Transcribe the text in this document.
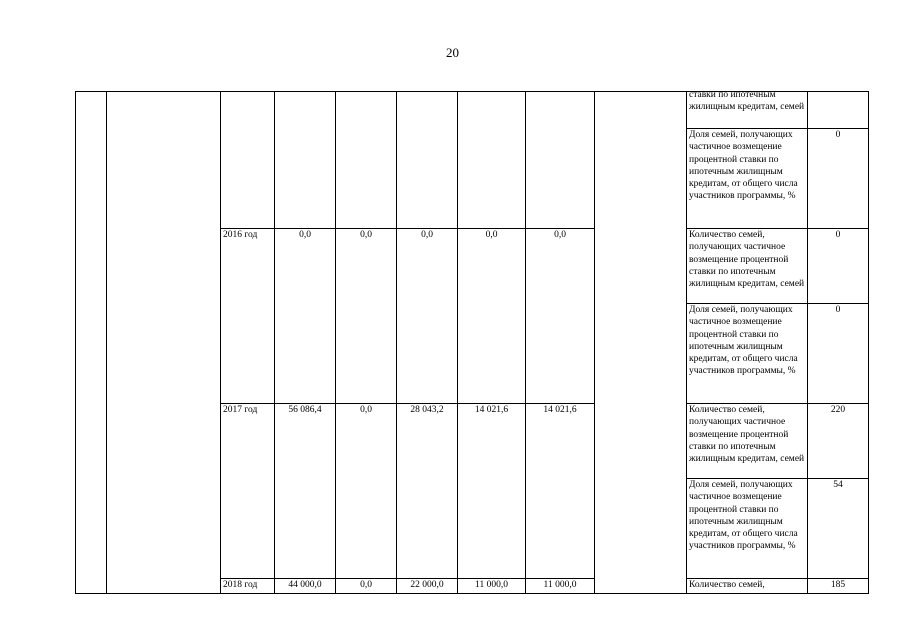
20

									ставки по ипотечным жилищным кредитам, семей	

									Доля семей, получающих частичное возмещение процентной ставки по ипотечным жилищным кредитам, от общего числа участников программы, %	0
		2016 год	0,0	0,0	0,0	0,0	0,0		Количество семей, получающих частичное возмещение процентной ставки по ипотечным жилищным кредитам, семей	0

									Доля семей, получающих частичное возмещение процентной ставки по ипотечным жилищным кредитам, от общего числа участников программы, %	0
		2017 год	56 086,4	0,0	28 043,2	14 021,6	14 021,6		Количество семей, получающих частичное возмещение процентной ставки по ипотечным жилищным кредитам, семей	220

									Доля семей, получающих частичное возмещение процентной ставки по ипотечным жилищным кредитам, от общего числа участников программы, %	54
		2018 год	44 000,0	0,0	22 000,0	11 000,0	11 000,0		Количество семей,	185
